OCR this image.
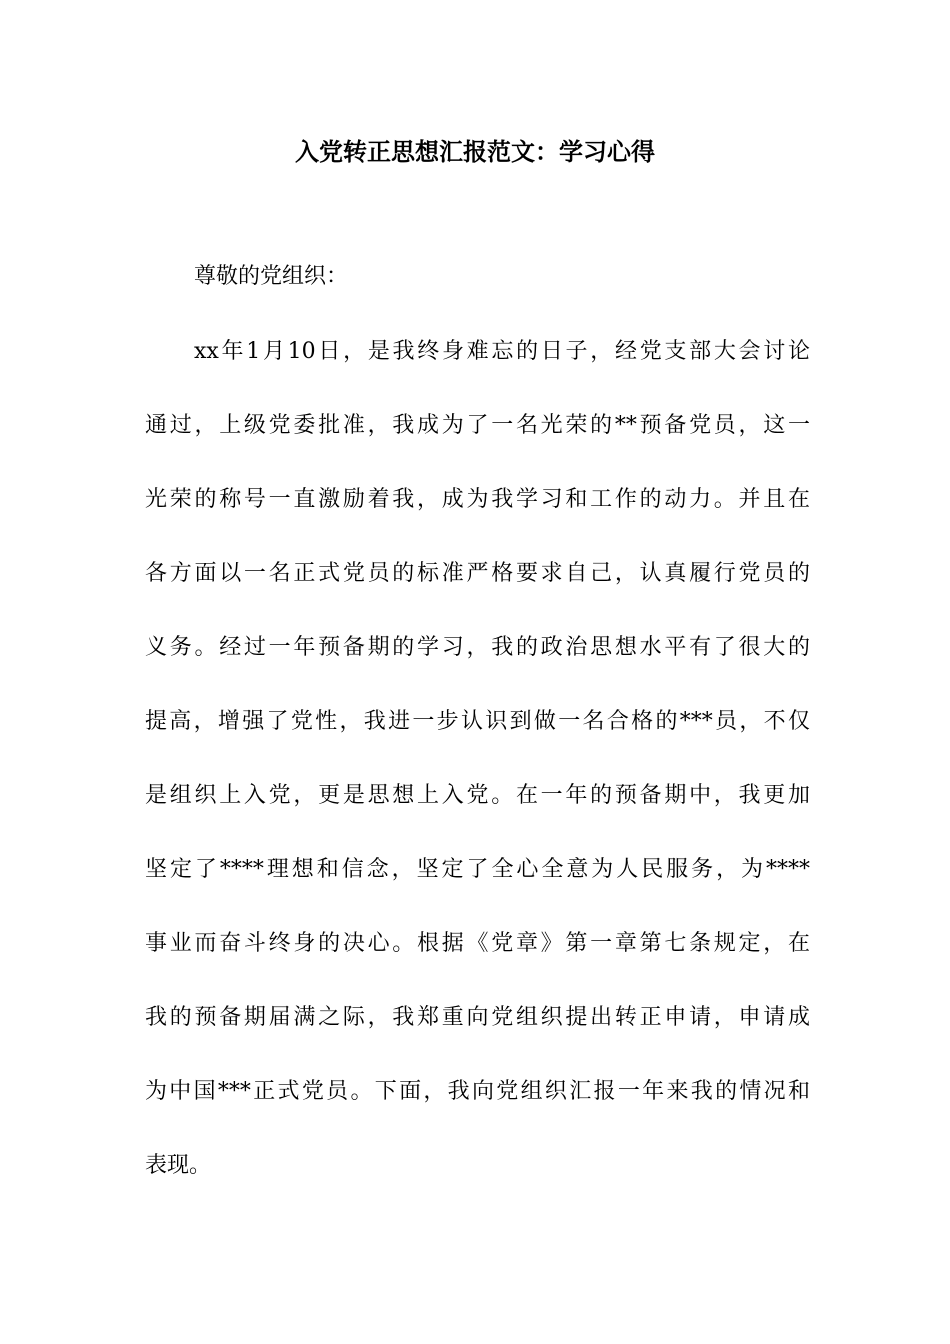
入党转正思想汇报范文：学习心得

尊敬的党组织：

xx年1月10日，是我终身难忘的日子，经党支部大会讨论
通过，上级党委批准，我成为了一名光荣的**预备党员，这一
光荣的称号一直激励着我，成为我学习和工作的动力。并且在
各方面以一名正式党员的标准严格要求自己，认真履行党员的
义务。经过一年预备期的学习，我的政治思想水平有了很大的
提高，增强了党性，我进一步认识到做一名合格的***员，不仅
是组织上入党，更是思想上入党。在一年的预备期中，我更加
坚定了****理想和信念，坚定了全心全意为人民服务，为****
事业而奋斗终身的决心。根据《党章》第一章第七条规定，在
我的预备期届满之际，我郑重向党组织提出转正申请，申请成
为中国***正式党员。下面，我向党组织汇报一年来我的情况和
表现。
